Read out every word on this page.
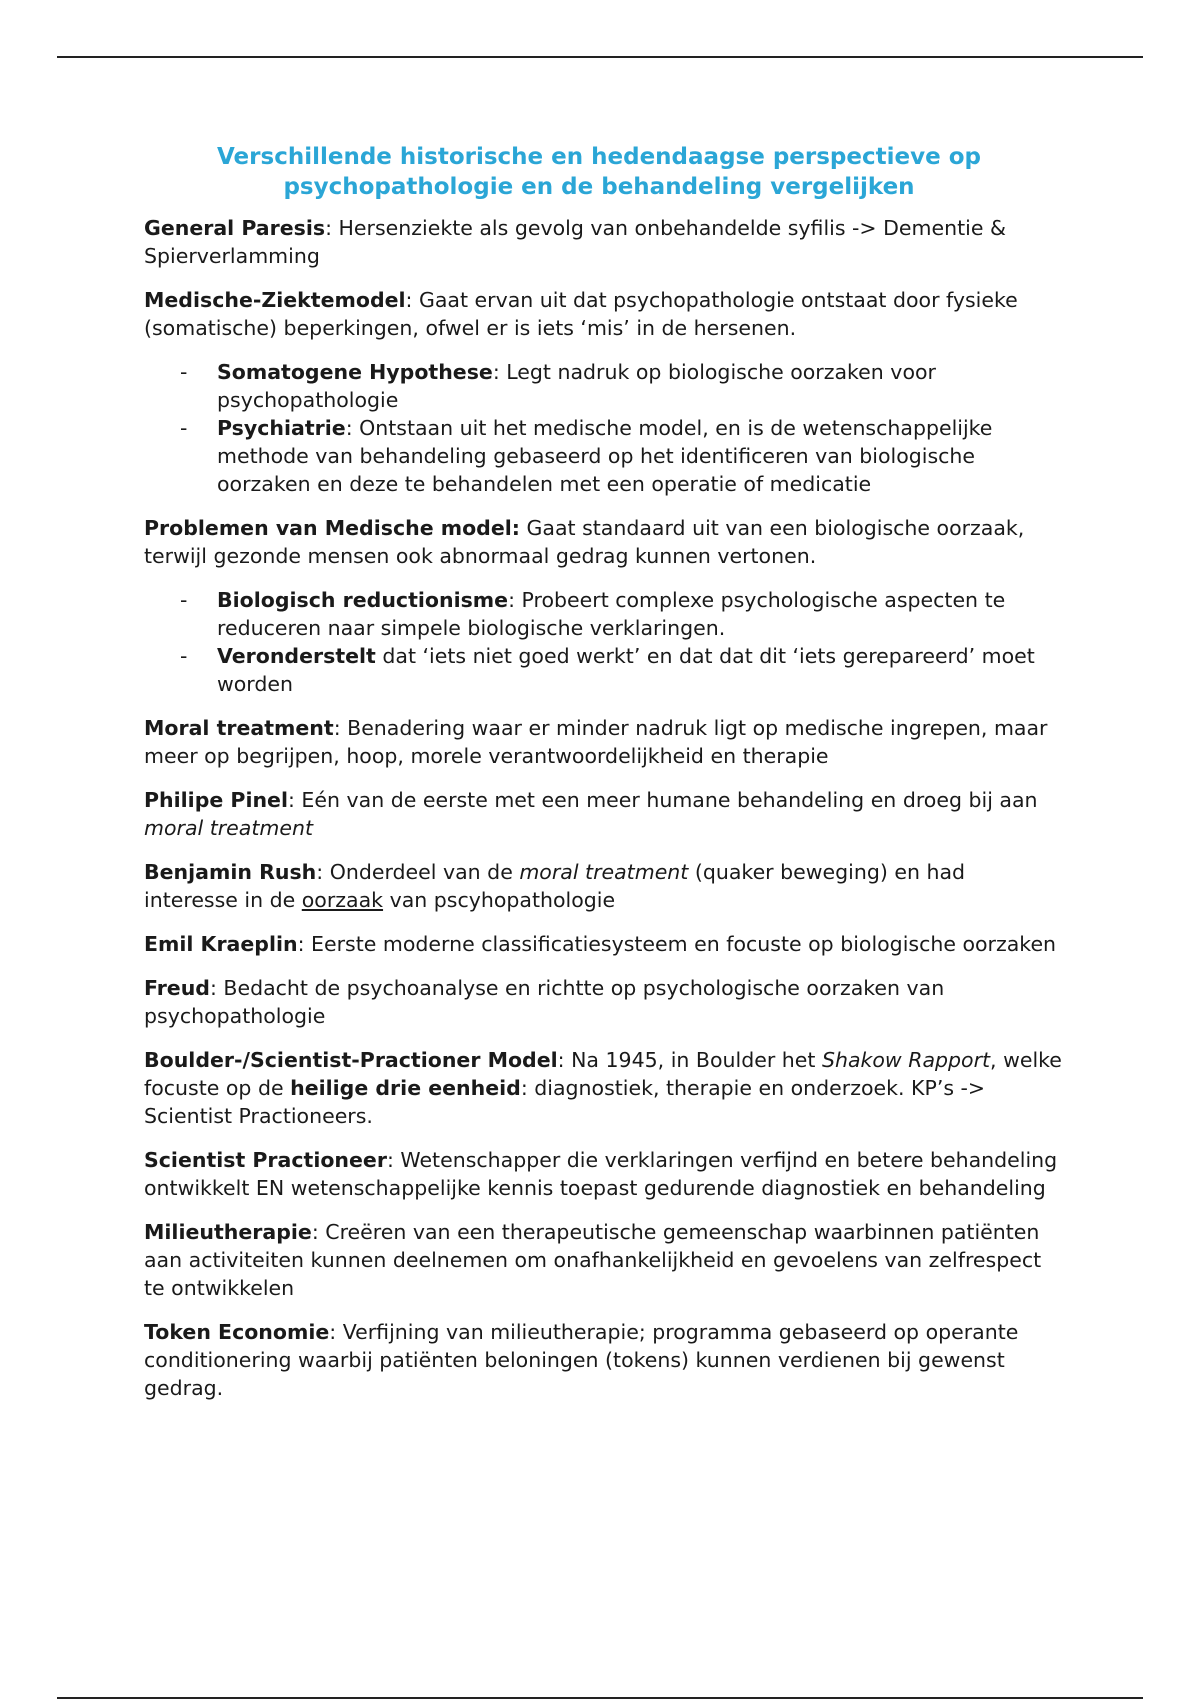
Verschillende historische en hedendaagse perspectieve op
psychopathologie en de behandeling vergelijken

General Paresis: Hersenziekte als gevolg van onbehandelde syfilis -> Dementie & Spierverlamming

Medische-Ziektemodel: Gaat ervan uit dat psychopathologie ontstaat door fysieke (somatische) beperkingen, ofwel er is iets ‘mis’ in de hersenen.

- Somatogene Hypothese: Legt nadruk op biologische oorzaken voor psychopathologie
- Psychiatrie: Ontstaan uit het medische model, en is de wetenschappelijke methode van behandeling gebaseerd op het identificeren van biologische oorzaken en deze te behandelen met een operatie of medicatie

Problemen van Medische model: Gaat standaard uit van een biologische oorzaak, terwijl gezonde mensen ook abnormaal gedrag kunnen vertonen.

- Biologisch reductionisme: Probeert complexe psychologische aspecten te reduceren naar simpele biologische verklaringen.
- Veronderstelt dat ‘iets niet goed werkt’ en dat dat dit ‘iets gerepareerd’ moet worden

Moral treatment: Benadering waar er minder nadruk ligt op medische ingrepen, maar meer op begrijpen, hoop, morele verantwoordelijkheid en therapie

Philipe Pinel: Eén van de eerste met een meer humane behandeling en droeg bij aan moral treatment

Benjamin Rush: Onderdeel van de moral treatment (quaker beweging) en had interesse in de oorzaak van pscyhopathologie

Emil Kraeplin: Eerste moderne classificatiesysteem en focuste op biologische oorzaken

Freud: Bedacht de psychoanalyse en richtte op psychologische oorzaken van psychopathologie

Boulder-/Scientist-Practioner Model: Na 1945, in Boulder het Shakow Rapport, welke focuste op de heilige drie eenheid: diagnostiek, therapie en onderzoek. KP’s -> Scientist Practioneers.

Scientist Practioneer: Wetenschapper die verklaringen verfijnd en betere behandeling ontwikkelt EN wetenschappelijke kennis toepast gedurende diagnostiek en behandeling

Milieutherapie: Creëren van een therapeutische gemeenschap waarbinnen patiënten aan activiteiten kunnen deelnemen om onafhankelijkheid en gevoelens van zelfrespect te ontwikkelen

Token Economie: Verfijning van milieutherapie; programma gebaseerd op operante conditionering waarbij patiënten beloningen (tokens) kunnen verdienen bij gewenst gedrag.
